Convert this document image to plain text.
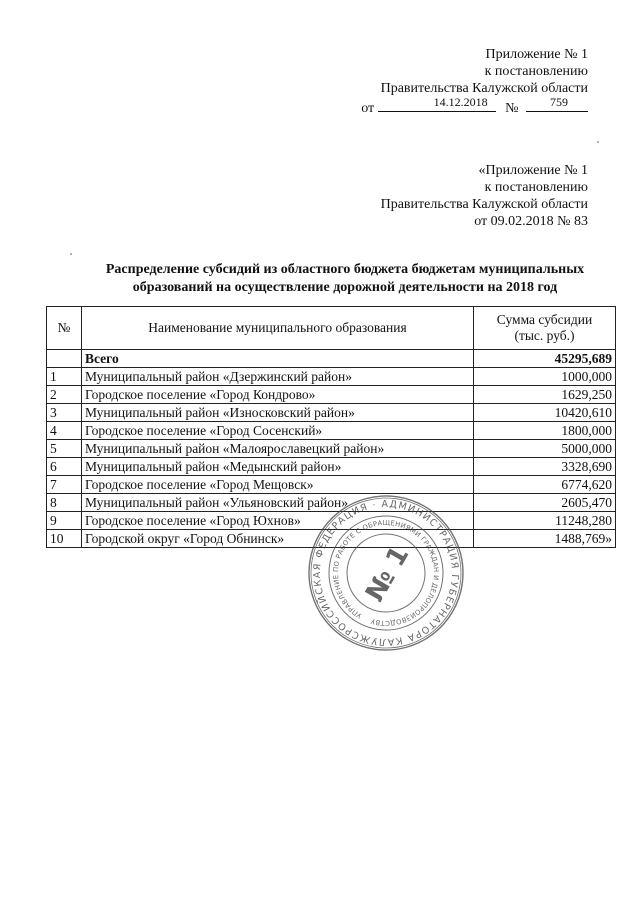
Приложение № 1
к постановлению
Правительства Калужской области
от	14.12.2018 №	759
«Приложение № 1
к постановлению
Правительства Калужской области
от 09.02.2018 № 83
Распределение субсидий из областного бюджета бюджетам муниципальных
образований на осуществление дорожной деятельности на 2018 год
№	Наименование муниципального образования	Сумма субсидии
(тыс. руб.)

	Всего	45295,689
1	Муниципальный район «Дзержинский район»	1000,000
2	Городское поселение «Город Кондрово»	1629,250
3	Муниципальный район «Износковский район»	10420,610
4	Городское поселение «Город Сосенский»	1800,000
5	Муниципальный район «Малоярославецкий район»	5000,000
6	Муниципальный район «Медынский район»	3328,690
7	Городское поселение «Город Мещовск»	6774,620
8	Муниципальный район «Ульяновский район»	2605,470
9	Городское поселение «Город Юхнов»	11248,280
10	Городской округ «Город Обнинск»	1488,769»
РОССИЙСКАЯ ФЕДЕРАЦИЯ · АДМИНИСТРАЦИЯ ГУБЕРНАТОРА КАЛУЖСКОЙ
УПРАВЛЕНИЕ ПО РАБОТЕ С ОБРАЩЕНИЯМИ ГРАЖДАН И ДЕЛОПРОИЗВОДСТВУ
№ 1
